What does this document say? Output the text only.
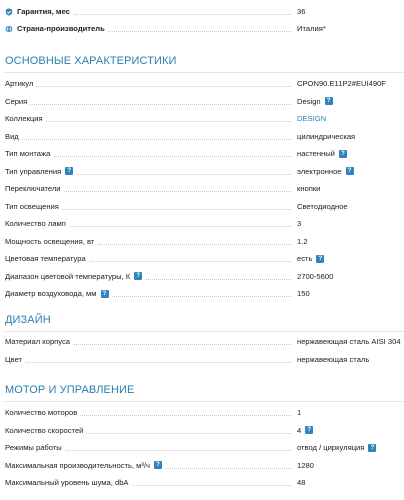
Гарантия, мес	36
Страна-производитель	Италия*
ОСНОВНЫЕ ХАРАКТЕРИСТИКИ
Артикул	CPON90.E11P2#EUI490F
Серия	Design	?
Коллекция	DESIGN
Вид	цилиндрическая
Тип монтажа	настенный	?
Тип управления	?	электронное	?
Переключатели	кнопки
Тип освещения	Светодиодное
Количество ламп	3
Мощность освещения, вт	1.2
Цветовая температура	есть	?
Диапазон цветовой температуры, К	?	2700-5600
Диаметр воздуховода, мм	?	150
ДИЗАЙН
Материал корпуса	нержавеющая сталь AISI 304
Цвет	нержавеющая сталь
МОТОР И УПРАВЛЕНИЕ
Количество моторов	1
Количество скоростей	4	?
Режимы работы	отвод / циркуляция	?
Максимальная производительность, м³/ч	?	1280
Максимальный уровень шума, dbA	48
